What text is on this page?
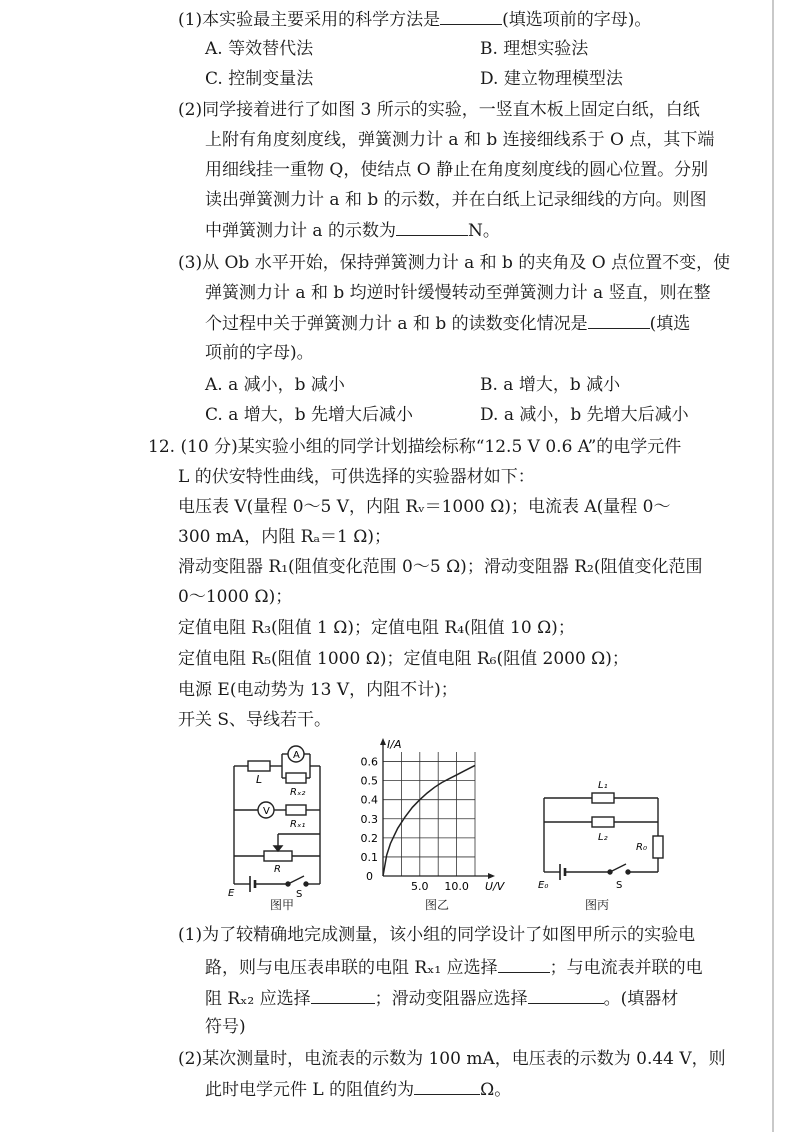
(1)本实验最主要采用的科学方法是	(填选项前的字母)。
A. 等效替代法	B. 理想实验法
C. 控制变量法	D. 建立物理模型法
(2)同学接着进行了如图 3 所示的实验，一竖直木板上固定白纸，白纸
上附有角度刻度线，弹簧测力计 a 和 b 连接细线系于 O 点，其下端
用细线挂一重物 Q，使结点 O 静止在角度刻度线的圆心位置。分别
读出弹簧测力计 a 和 b 的示数，并在白纸上记录细线的方向。则图
中弹簧测力计 a 的示数为	N。
(3)从 Ob 水平开始，保持弹簧测力计 a 和 b 的夹角及 O 点位置不变，使
弹簧测力计 a 和 b 均逆时针缓慢转动至弹簧测力计 a 竖直，则在整
个过程中关于弹簧测力计 a 和 b 的读数变化情况是	(填选
项前的字母)。
A. a 减小，b 减小	B. a 增大，b 减小
C. a 增大，b 先增大后减小	D. a 减小，b 先增大后减小
12. (10 分)某实验小组的同学计划描绘标称“12.5 V 0.6 A”的电学元件
L 的伏安特性曲线，可供选择的实验器材如下：
电压表 V(量程 0～5 V，内阻 Rᵥ＝1000 Ω)；电流表 A(量程 0～
300 mA，内阻 Rₐ＝1 Ω)；
滑动变阻器 R₁(阻值变化范围 0～5 Ω)；滑动变阻器 R₂(阻值变化范围
0～1000 Ω)；
定值电阻 R₃(阻值 1 Ω)；定值电阻 R₄(阻值 10 Ω)；
定值电阻 R₅(阻值 1000 Ω)；定值电阻 R₆(阻值 2000 Ω)；
电源 E(电动势为 13 V，内阻不计)；
开关 S、导线若干。
A
V
L
Rₓ₂
Rₓ₁
R
E	S
图甲
0.1
0.2
0.3
0.4
0.5
0.6
5.0 10.0
0
U/V
I/A
图乙
L₁
L₂
R₀
E₀	S
图丙
(1)为了较精确地完成测量，该小组的同学设计了如图甲所示的实验电
路，则与电压表串联的电阻 Rₓ₁ 应选择	；与电流表并联的电
阻 Rₓ₂ 应选择	；滑动变阻器应选择	。(填器材
符号)
(2)某次测量时，电流表的示数为 100 mA，电压表的示数为 0.44 V，则
此时电学元件 L 的阻值约为	Ω。
